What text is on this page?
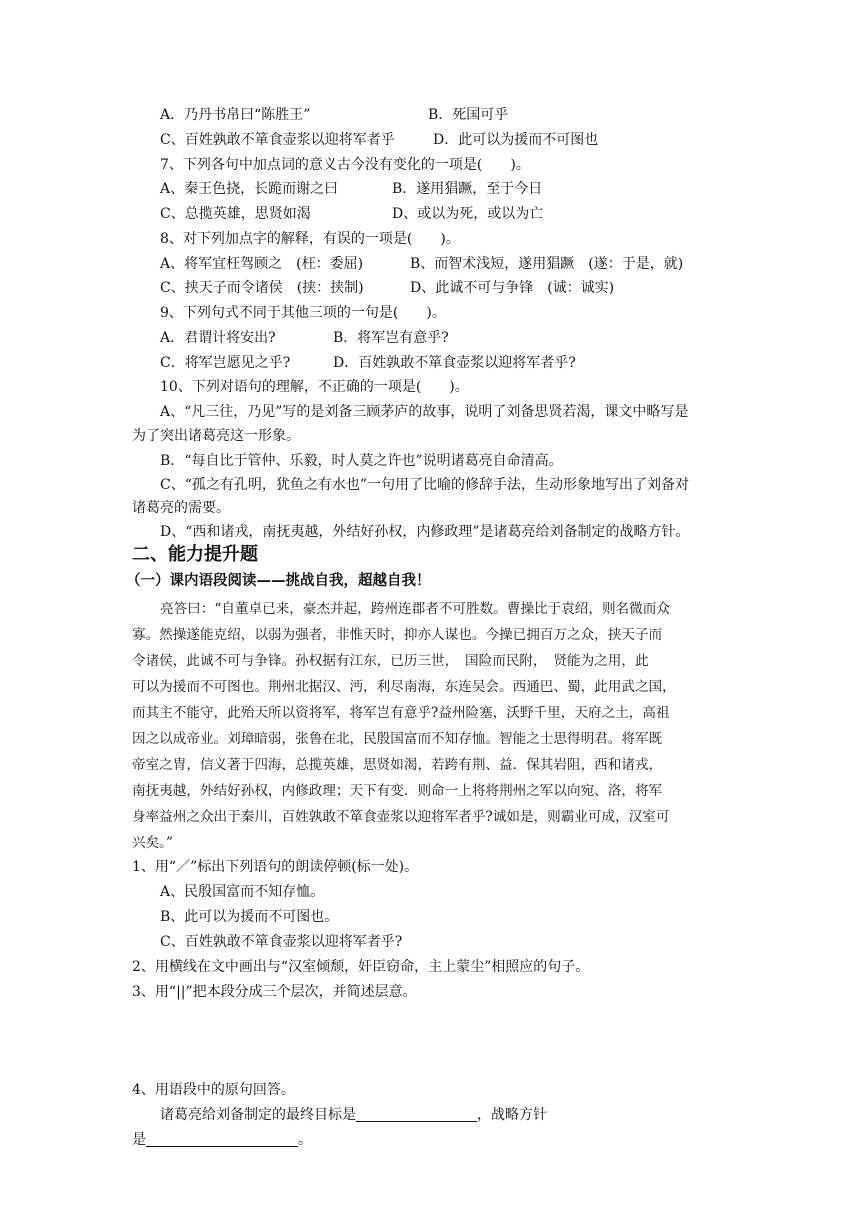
A．乃丹书帛曰“陈胜王”	B．死国可乎
C、百姓孰敢不箪食壶浆以迎将军者乎	D．此可以为援而不可图也
7、下列各句中加点词的意义古今没有变化的一项是(　　)。
A、秦王色挠，长跪而谢之曰	B．遂用猖蹶，至于今日
C、总揽英雄，思贤如渴	D、或以为死，或以为亡
8、对下列加点字的解释，有误的一项是(　　)。
A、将军宜枉驾顾之　(枉：委屈)	B、而智术浅短，遂用猖蹶　(遂：于是，就)
C、挟天子而令诸侯　(挟：挟制)	D、此诚不可与争锋　(诚：诚实)
9、下列句式不同于其他三项的一句是(　　)。
A．君谓计将安出?	B．将军岂有意乎?
C．将军岂愿见之乎?	D．百姓孰敢不箪食壶浆以迎将军者乎?
10、下列对语句的理解，不正确的一项是(　　)。
A、“凡三往，乃见”写的是刘备三顾茅庐的故事，说明了刘备思贤若渴，课文中略写是
为了突出诸葛亮这一形象。
B．“每自比于管仲、乐毅，时人莫之许也”说明诸葛亮自命清高。
C、“孤之有孔明，犹鱼之有水也”一句用了比喻的修辞手法，生动形象地写出了刘备对
诸葛亮的需要。
D、“西和诸戎，南抚夷越，外结好孙权，内修政理”是诸葛亮给刘备制定的战略方针。
二、能力提升题
（一）课内语段阅读——挑战自我，超越自我！
亮答曰：“自董卓已来，豪杰并起，跨州连郡者不可胜数。曹操比于袁绍，则名微而众
寡。然操遂能克绍，以弱为强者，非惟天时，抑亦人谋也。今操已拥百万之众，挟天子而
令诸侯，此诚不可与争锋。孙权据有江东，已历三世，　国险而民附，　贤能为之用，此
可以为援而不可图也。荆州北据汉、沔，利尽南海，东连吴会。西通巴、蜀，此用武之国，
而其主不能守，此殆天所以资将军，将军岂有意乎?益州险塞，沃野千里，天府之土，高祖
因之以成帝业。刘璋暗弱，张鲁在北，民殷国富而不知存恤。智能之士思得明君。将军既
帝室之胄，信义著于四海，总揽英雄，思贤如渴，若跨有荆、益．保其岩阻，西和诸戎，
南抚夷越，外结好孙权，内修政理；天下有变．则命一上将将荆州之军以向宛、洛，将军
身率益州之众出于秦川，百姓孰敢不箪食壶浆以迎将军者乎?诚如是，则霸业可成，汉室可
兴矣。”
1、用“／”标出下列语句的朗读停顿(标一处)。
A、民殷国富而不知存恤。
B、此可以为援而不可图也。
C、百姓孰敢不箪食壶浆以迎将军者乎?
2、用横线在文中画出与“汉室倾颓，奸臣窃命，主上蒙尘”相照应的句子。
3、用“||”把本段分成三个层次，并简述层意。
4、用语段中的原句回答。
诸葛亮给刘备制定的最终目标是	，战略方针
是	。
